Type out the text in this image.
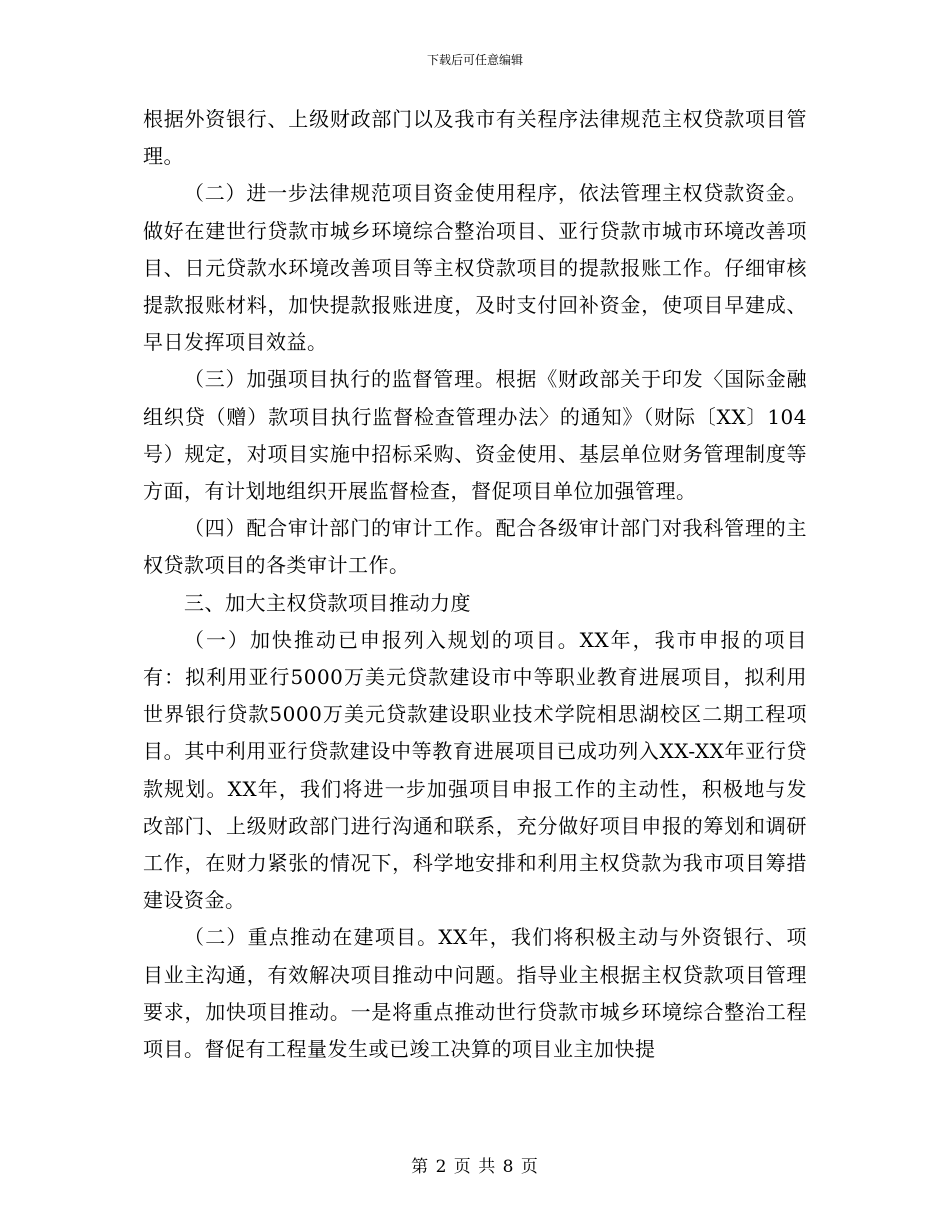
下载后可任意编辑

根据外资银行、上级财政部门以及我市有关程序法律规范主权贷款项目管理。

（二）进一步法律规范项目资金使用程序，依法管理主权贷款资金。做好在建世行贷款市城乡环境综合整治项目、亚行贷款市城市环境改善项目、日元贷款水环境改善项目等主权贷款项目的提款报账工作。仔细审核提款报账材料，加快提款报账进度，及时支付回补资金，使项目早建成、早日发挥项目效益。

（三）加强项目执行的监督管理。根据《财政部关于印发〈国际金融组织贷（赠）款项目执行监督检查管理办法〉的通知》（财际〔XX〕104号）规定，对项目实施中招标采购、资金使用、基层单位财务管理制度等方面，有计划地组织开展监督检查，督促项目单位加强管理。

（四）配合审计部门的审计工作。配合各级审计部门对我科管理的主权贷款项目的各类审计工作。

三、加大主权贷款项目推动力度

（一）加快推动已申报列入规划的项目。XX年，我市申报的项目有：拟利用亚行5000万美元贷款建设市中等职业教育进展项目，拟利用世界银行贷款5000万美元贷款建设职业技术学院相思湖校区二期工程项目。其中利用亚行贷款建设中等教育进展项目已成功列入XX-XX年亚行贷款规划。XX年，我们将进一步加强项目申报工作的主动性，积极地与发改部门、上级财政部门进行沟通和联系，充分做好项目申报的筹划和调研工作，在财力紧张的情况下，科学地安排和利用主权贷款为我市项目筹措建设资金。

（二）重点推动在建项目。XX年，我们将积极主动与外资银行、项目业主沟通，有效解决项目推动中问题。指导业主根据主权贷款项目管理要求，加快项目推动。一是将重点推动世行贷款市城乡环境综合整治工程项目。督促有工程量发生或已竣工决算的项目业主加快提

第 2 页 共 8 页
